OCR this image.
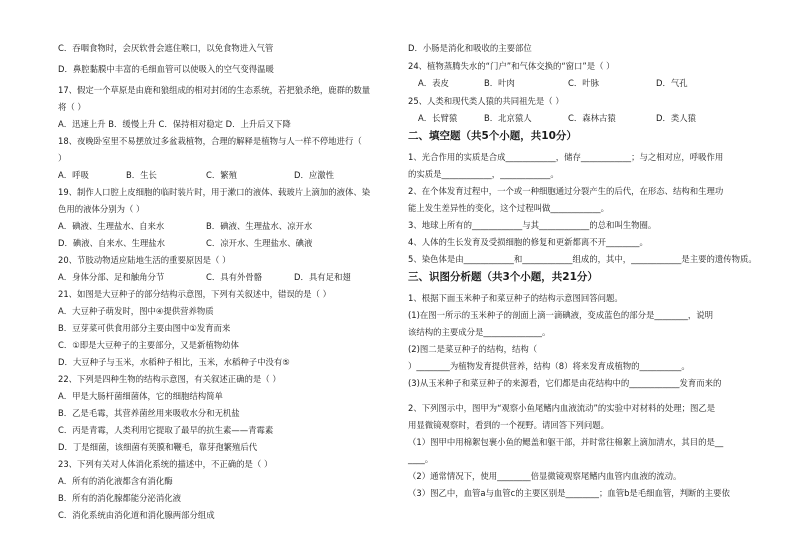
C．吞咽食物时，会厌软骨会遮住喉口，以免食物进入气管
D．鼻腔黏膜中丰富的毛细血管可以使吸入的空气变得温暖
17、假定一个草原是由鹿和狼组成的相对封闭的生态系统，若把狼杀绝，鹿群的数量
将（ ）
A．迅速上升 B．缓慢上升 C．保持相对稳定 D．上升后又下降
18、夜晚卧室里不易摆放过多盆栽植物，合理的解释是植物与人一样不停地进行（
）
A．呼吸	B．生长	C．繁殖	D．应激性
19、制作人口腔上皮细胞的临时装片时，用于漱口的液体、载玻片上滴加的液体、染
色用的液体分别为（ ）
A．碘液、生理盐水、自来水	B．碘液、生理盐水、凉开水
D．碘液、自来水、生理盐水	C．凉开水、生理盐水、碘液
20、节肢动物适应陆地生活的重要原因是（ ）
A．身体分部、足和触角分节	C．具有外骨骼	D．具有足和翅
21、如图是大豆种子的部分结构示意图，下列有关叙述中，错误的是（ ）
A．大豆种子萌发时，图中④提供营养物质
B．豆芽菜可供食用部分主要由图中①发育而来
C．①即是大豆种子的主要部分，又是新植物幼体
D．大豆种子与玉米，水稻种子相比，玉米，水稻种子中没有⑤
22、下列是四种生物的结构示意图，有关叙述正确的是（ ）
A．甲是大肠杆菌细菌体，它的细胞结构简单
B．乙是毛霉，其营养菌丝用来吸收水分和无机盐
C．丙是青霉，人类利用它提取了最早的抗生素——青霉素
D．丁是细菌，该细菌有荚膜和鞭毛，靠芽孢繁殖后代
23、下列有关对人体消化系统的描述中，不正确的是（ ）
A．所有的消化液都含有消化酶
B．所有的消化腺都能分泌消化液
C．消化系统由消化道和消化腺两部分组成
D．小肠是消化和吸收的主要部位
24、植物蒸腾失水的“门户”和气体交换的“窗口”是（ ）
A．表皮	B．叶肉	C．叶脉	D．气孔
25、人类和现代类人猿的共同祖先是（ ）
A．长臂猿	B．北京猿人	C．森林古猿	D．类人猿
二、填空题（共5个小题，共10分）
1、光合作用的实质是合成____________，储存____________；与之相对应，呼吸作用
的实质是____________，____________。
2、在个体发育过程中，一个或一种细胞通过分裂产生的后代，在形态、结构和生理功
能上发生差异性的变化，这个过程叫做____________。
3、地球上所有的____________与其____________的总和叫生物圈。
4、人体的生长发育及受损细胞的修复和更新都离不开________。
5、染色体是由____________和____________组成的，其中，____________是主要的遗传物质。
三、识图分析题（共3个小题，共21分）
1、根据下面玉米种子和菜豆种子的结构示意图回答问题。
(1)在图一所示的玉米种子的剖面上滴一滴碘液，变成蓝色的部分是________，说明
该结构的主要成分是______________。
(2)图二是菜豆种子的结构，结构（
）________为植物发育提供营养，结构（8）将来发育成植物的__________。
(3)从玉米种子和菜豆种子的来源看，它们都是由花结构中的____________发育而来的
2、下列图示中，图甲为“观察小鱼尾鳍内血液流动”的实验中对材料的处理；图乙是
用显微镜观察时，看到的一个视野。请回答下列问题。
（1）图甲中用棉絮包裹小鱼的鳃盖和躯干部，并时常往棉絮上滴加清水，其目的是__
____。
（2）通常情况下，使用________倍显微镜观察尾鳍内血管内血液的流动。
（3）图乙中，血管a与血管c的主要区别是________；血管b是毛细血管，判断的主要依
